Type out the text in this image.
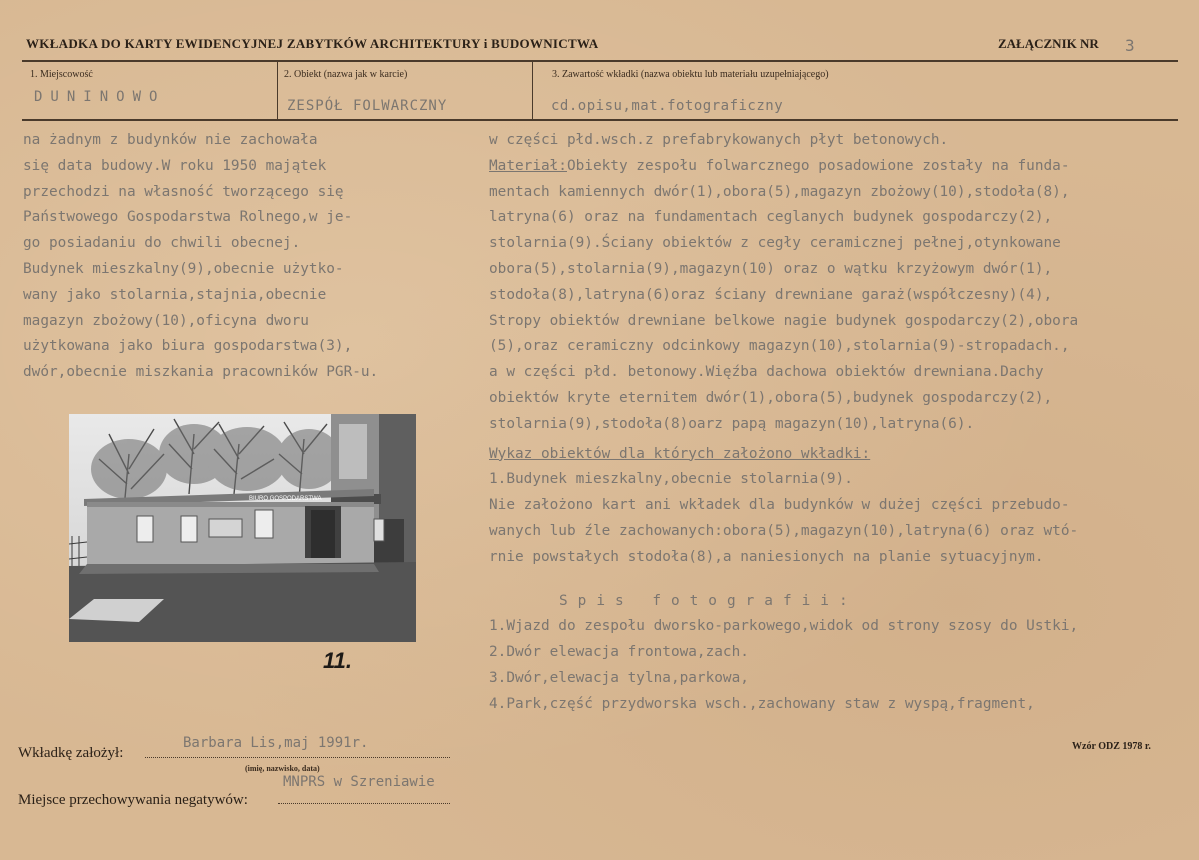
WKŁADKA DO KARTY EWIDENCYJNEJ ZABYTKÓW ARCHITEKTURY i BUDOWNICTWA	ZAŁĄCZNIK NR 3
1. Miejscowość
DUNINOWO
2. Obiekt (nazwa jak w karcie)
ZESPÓŁ FOLWARCZNY
3. Zawartość wkładki (nazwa obiektu lub materiału uzupełniającego)
cd.opisu,mat.fotograficzny
na żadnym z budynków nie zachowała
się data budowy.W roku 1950 majątek
przechodzi na własność tworzącego się
Państwowego Gospodarstwa Rolnego,w je-
go posiadaniu do chwili obecnej.
Budynek mieszkalny(9),obecnie użytko-
wany jako stolarnia,stajnia,obecnie
magazyn zbożowy(10),oficyna dworu
użytkowana jako biura gospodarstwa(3),
dwór,obecnie miszkania pracowników PGR-u.
w części płd.wsch.z prefabrykowanych płyt betonowych.
Materiał:Obiekty zespołu folwarcznego posadowione zostały na funda-
mentach kamiennych dwór(1),obora(5),magazyn zbożowy(10),stodoła(8),
latryna(6) oraz na fundamentach ceglanych budynek gospodarczy(2),
stolarnia(9).Ściany obiektów z cegły ceramicznej pełnej,otynkowane
obora(5),stolarnia(9),magazyn(10) oraz o wątku krzyżowym dwór(1),
stodoła(8),latryna(6)oraz ściany drewniane garaż(współczesny)(4),
Stropy obiektów drewniane belkowe nagie budynek gospodarczy(2),obora
(5),oraz ceramiczny odcinkowy magazyn(10),stolarnia(9)-stropadach.,
a w części płd. betonowy.Więźba dachowa obiektów drewniana.Dachy
obiektów kryte eternitem dwór(1),obora(5),budynek gospodarczy(2),
stolarnia(9),stodoła(8)oarz papą magazyn(10),latryna(6).
Wykaz obiektów dla których założono wkładki:
1.Budynek mieszkalny,obecnie stolarnia(9).
Nie założono kart ani wkładek dla budynków w dużej części przebudo-
wanych lub źle zachowanych:obora(5),magazyn(10),latryna(6) oraz wtó-
rnie powstałych stodoła(8),a naniesionych na planie sytuacyjnym.
Spis fotografii:
1.Wjazd do zespołu dworsko-parkowego,widok od strony szosy do Ustki,
2.Dwór elewacja frontowa,zach.
3.Dwór,elewacja tylna,parkowa,
4.Park,część przydworska wsch.,zachowany staw z wyspą,fragment,
BIURO GOSPODARSTWA
11.
Wkładkę założył:
Barbara Lis,maj 1991r.
(imię, nazwisko, data)
Miejsce przechowywania negatywów:
MNPRS w Szreniawie
Wzór ODZ 1978 r.
